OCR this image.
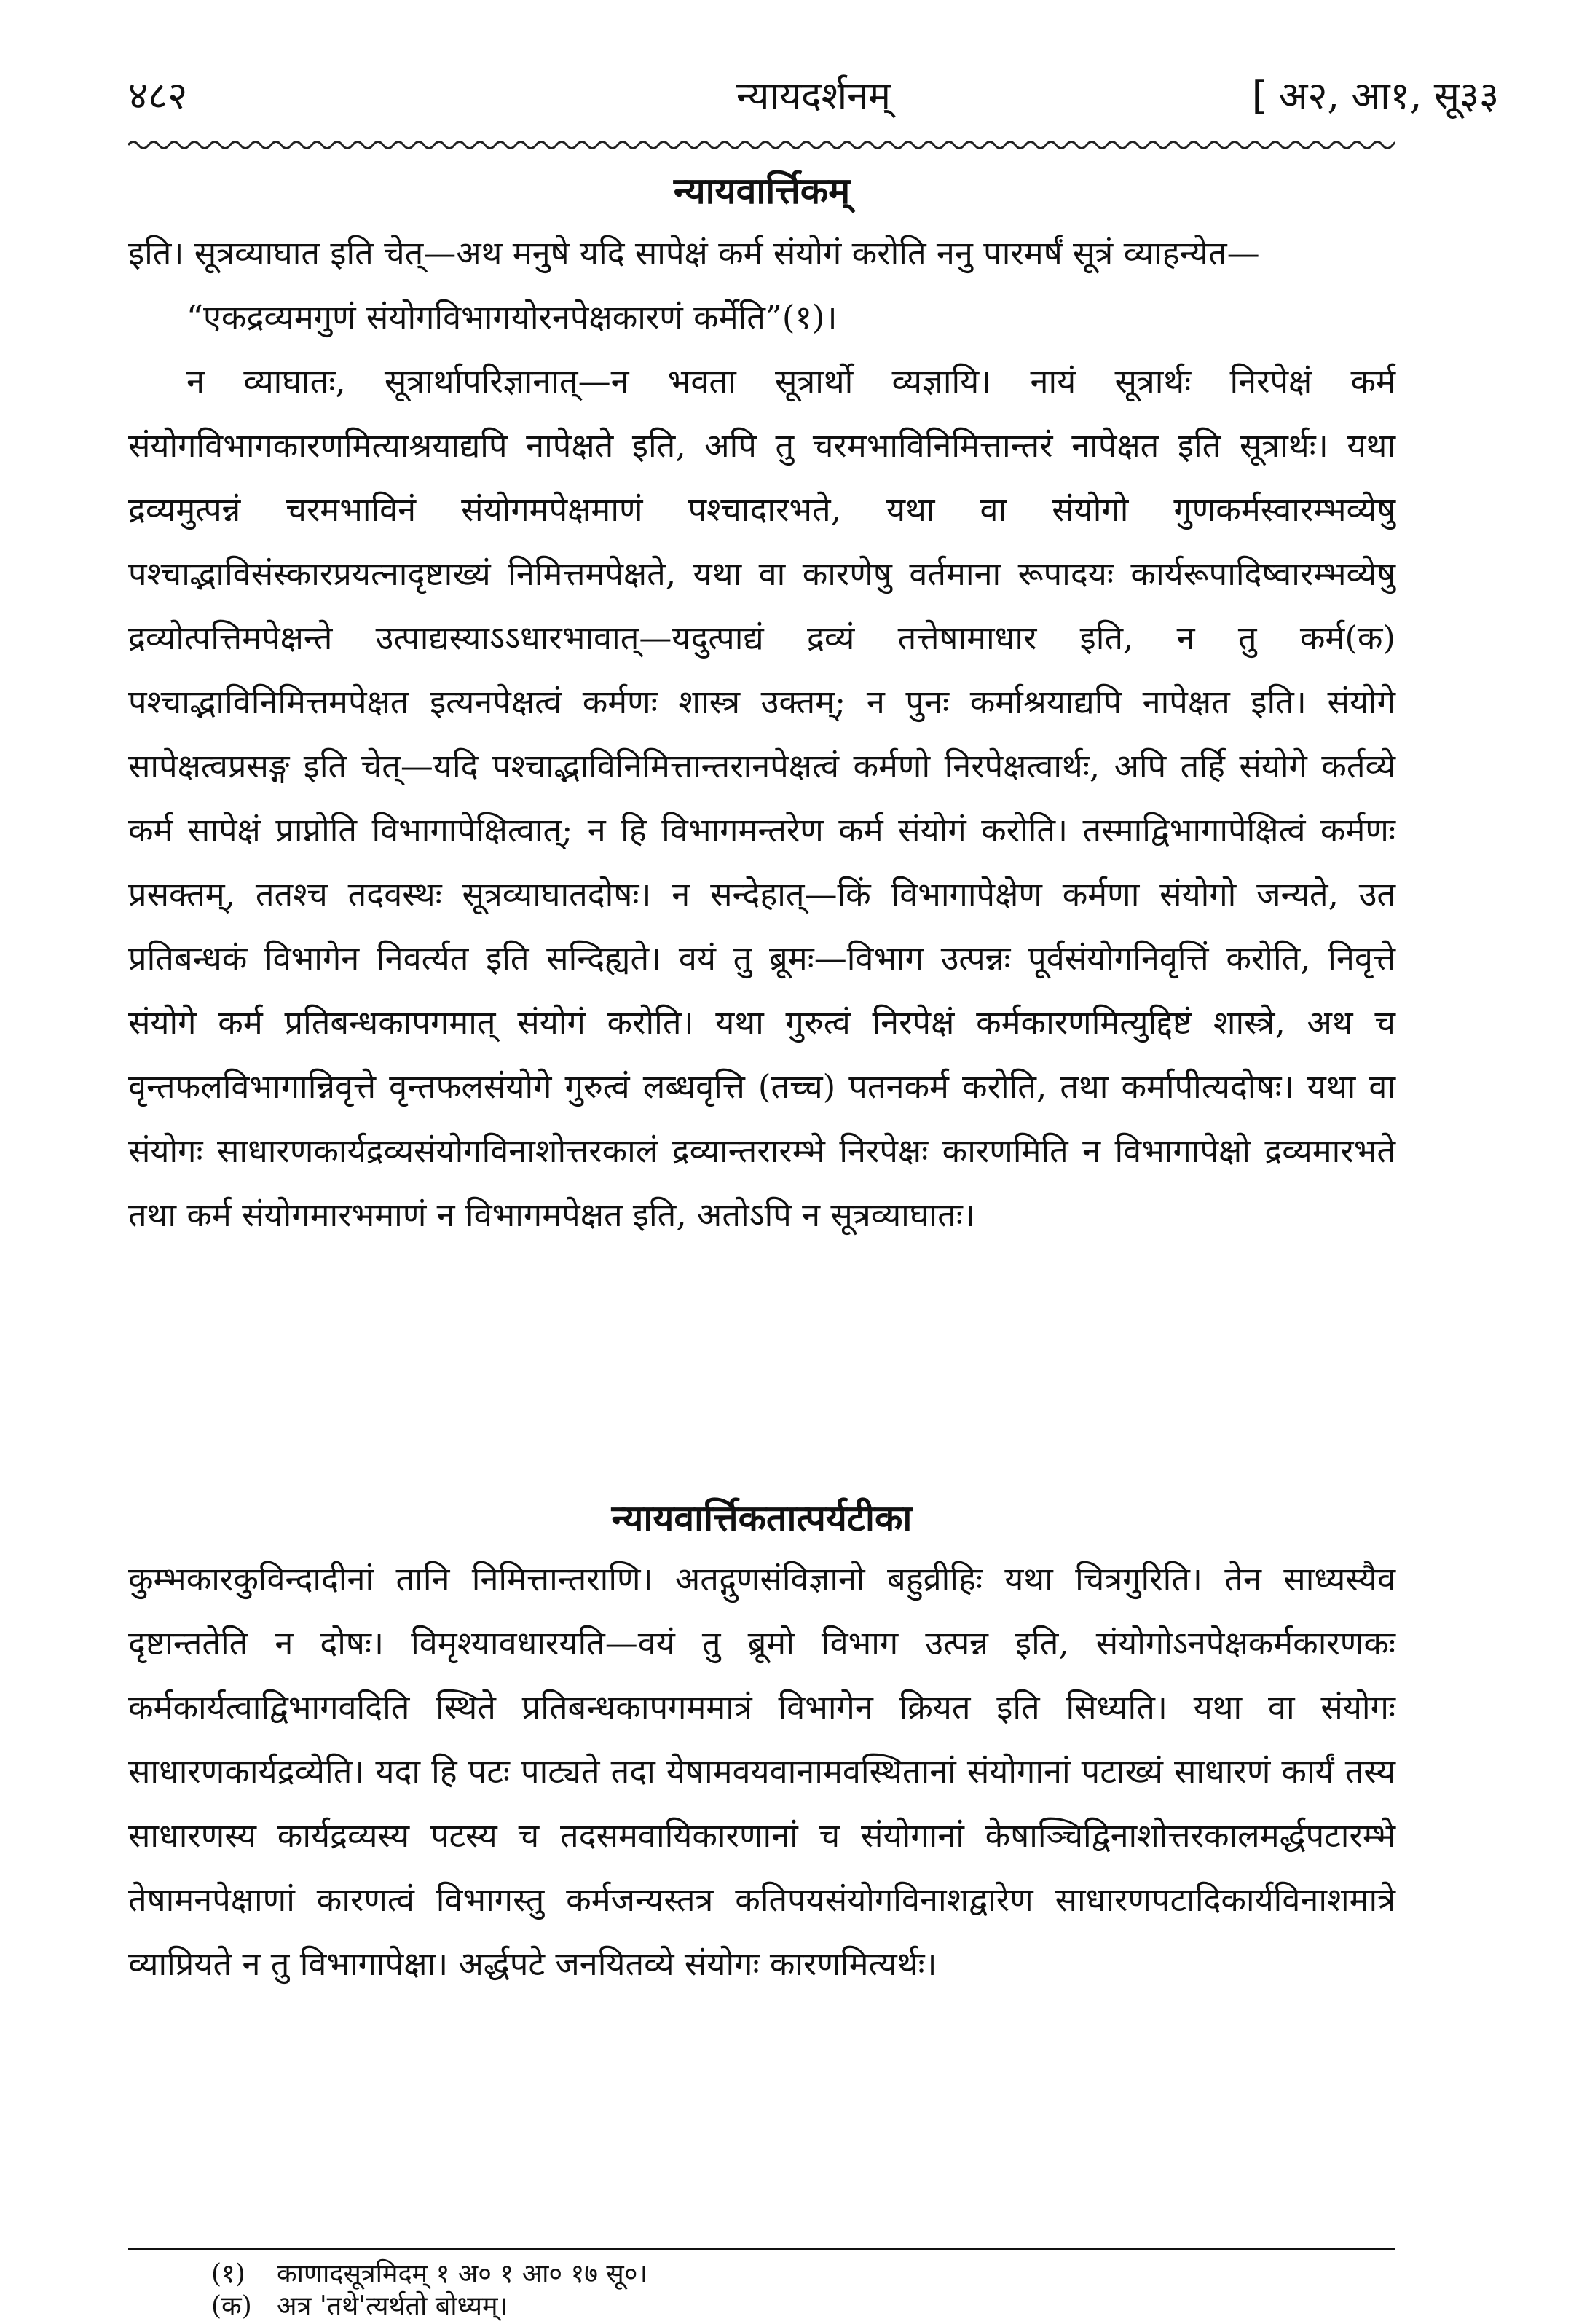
४८२	न्यायदर्शनम्	[ अ२, आ१, सू३३
न्यायवार्त्तिकम्

इति। सूत्रव्याघात इति चेत्—अथ मनुषे यदि सापेक्षं कर्म संयोगं करोति ननु पारमर्षं सूत्रं व्याहन्येत—

“एकद्रव्यमगुणं संयोगविभागयोरनपेक्षकारणं कर्मेति”(१)।

न व्याघातः, सूत्रार्थापरिज्ञानात्—न भवता सूत्रार्थो व्यज्ञायि। नायं सूत्रार्थः निरपेक्षं कर्म संयोगविभागकारणमित्याश्रयाद्यपि नापेक्षते इति, अपि तु चरमभाविनिमित्तान्तरं नापेक्षत इति सूत्रार्थः। यथा द्रव्यमुत्पन्नं चरमभाविनं संयोगमपेक्षमाणं पश्चादारभते, यथा वा संयोगो गुणकर्मस्वारम्भव्येषु पश्चाद्भाविसंस्कारप्रयत्नादृष्टाख्यं निमित्तमपेक्षते, यथा वा कारणेषु वर्तमाना रूपादयः कार्यरूपादिष्वारम्भव्येषु द्रव्योत्पत्तिमपेक्षन्ते उत्पाद्यस्याऽऽधारभावात्—यदुत्पाद्यं द्रव्यं तत्तेषामाधार इति, न तु कर्म(क) पश्चाद्भाविनिमित्तमपेक्षत इत्यनपेक्षत्वं कर्मणः शास्त्र उक्तम्; न पुनः कर्माश्रयाद्यपि नापेक्षत इति। संयोगे सापेक्षत्वप्रसङ्ग इति चेत्—यदि पश्चाद्भाविनिमित्तान्तरानपेक्षत्वं कर्मणो निरपेक्षत्वार्थः, अपि तर्हि संयोगे कर्तव्ये कर्म सापेक्षं प्राप्नोति विभागापेक्षित्वात्; न हि विभागमन्तरेण कर्म संयोगं करोति। तस्माद्विभागापेक्षित्वं कर्मणः प्रसक्तम्, ततश्च तदवस्थः सूत्रव्याघातदोषः। न सन्देहात्—किं विभागापेक्षेण कर्मणा संयोगो जन्यते, उत प्रतिबन्धकं विभागेन निवर्त्यत इति सन्दिह्यते। वयं तु ब्रूमः—विभाग उत्पन्नः पूर्वसंयोगनिवृत्तिं करोति, निवृत्ते संयोगे कर्म प्रतिबन्धकापगमात् संयोगं करोति। यथा गुरुत्वं निरपेक्षं कर्मकारणमित्युद्दिष्टं शास्त्रे, अथ च वृन्तफलविभागान्निवृत्ते वृन्तफलसंयोगे गुरुत्वं लब्धवृत्ति (तच्च) पतनकर्म करोति, तथा कर्मापीत्यदोषः। यथा वा संयोगः साधारणकार्यद्रव्यसंयोगविनाशोत्तरकालं द्रव्यान्तरारम्भे निरपेक्षः कारणमिति न विभागापेक्षो द्रव्यमारभते तथा कर्म संयोगमारभमाणं न विभागमपेक्षत इति, अतोऽपि न सूत्रव्याघातः।

न्यायवार्त्तिकतात्पर्यटीका

कुम्भकारकुविन्दादीनां तानि निमित्तान्तराणि। अतद्गुणसंविज्ञानो बहुव्रीहिः यथा चित्रगुरिति। तेन साध्यस्यैव दृष्टान्ततेति न दोषः। विमृश्यावधारयति—वयं तु ब्रूमो विभाग उत्पन्न इति, संयोगोऽनपेक्षकर्मकारणकः कर्मकार्यत्वाद्विभागवदिति स्थिते प्रतिबन्धकापगममात्रं विभागेन क्रियत इति सिध्यति। यथा वा संयोगः साधारणकार्यद्रव्येति। यदा हि पटः पाट्यते तदा येषामवयवानामवस्थितानां संयोगानां पटाख्यं साधारणं कार्यं तस्य साधारणस्य कार्यद्रव्यस्य पटस्य च तदसमवायिकारणानां च संयोगानां केषाञ्चिद्विनाशोत्तरकालमर्द्धपटारम्भे तेषामनपेक्षाणां कारणत्वं विभागस्तु कर्मजन्यस्तत्र कतिपयसंयोगविनाशद्वारेण साधारणपटादिकार्यविनाशमात्रे व्याप्रियते न तु विभागापेक्षा। अर्द्धपटे जनयितव्ये संयोगः कारणमित्यर्थः।

(१) काणादसूत्रमिदम् १ अ० १ आ० १७ सू०।

(क) अत्र 'तथे'त्यर्थतो बोध्यम्।
